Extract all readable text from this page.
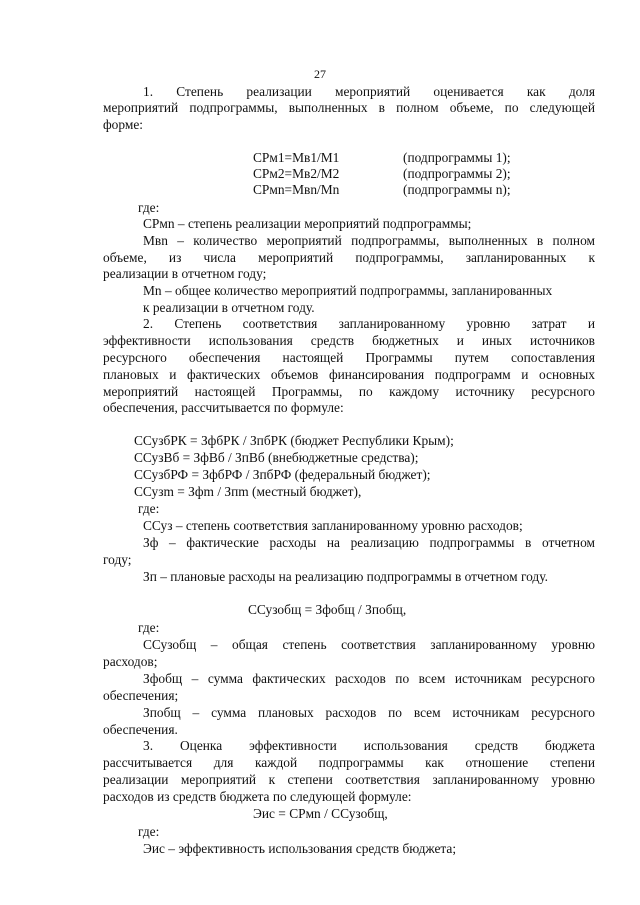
27
1. Степень реализации мероприятий оценивается как доля
мероприятий подпрограммы, выполненных в полном объеме, по следующей
форме:
СРм1=Мв1/М1	(подпрограммы 1);
СРм2=Мв2/М2	(подпрограммы 2);
СРмn=Мвn/Мn	(подпрограммы n);
где:
СРмn – степень реализации мероприятий подпрограммы;
Мвn – количество мероприятий подпрограммы, выполненных в полном
объеме, из числа мероприятий подпрограммы, запланированных к
реализации в отчетном году;
Мn – общее количество мероприятий подпрограммы, запланированных
к реализации в отчетном году.
2. Степень соответствия запланированному уровню затрат и
эффективности использования средств бюджетных и иных источников
ресурсного обеспечения настоящей Программы путем сопоставления
плановых и фактических объемов финансирования подпрограмм и основных
мероприятий настоящей Программы, по каждому источнику ресурсного
обеспечения, рассчитывается по формуле:
ССузбРК = ЗфбРК / ЗпбРК (бюджет Республики Крым);
ССузВб = ЗфВб / ЗпВб (внебюджетные средства);
ССузбРФ = ЗфбРФ / ЗпбРФ (федеральный бюджет);
ССузm = Зфm / Зпm (местный бюджет),
где:
ССуз – степень соответствия запланированному уровню расходов;
Зф – фактические расходы на реализацию подпрограммы в отчетном
году;
Зп – плановые расходы на реализацию подпрограммы в отчетном году.
ССузобщ = Зфобщ / Зпобщ,
где:
ССузобщ – общая степень соответствия запланированному уровню
расходов;
Зфобщ – сумма фактических расходов по всем источникам ресурсного
обеспечения;
Зпобщ – сумма плановых расходов по всем источникам ресурсного
обеспечения.
3. Оценка эффективности использования средств бюджета
рассчитывается для каждой подпрограммы как отношение степени
реализации мероприятий к степени соответствия запланированному уровню
расходов из средств бюджета по следующей формуле:
Эис = СРмn / ССузобщ,
где:
Эис – эффективность использования средств бюджета;
